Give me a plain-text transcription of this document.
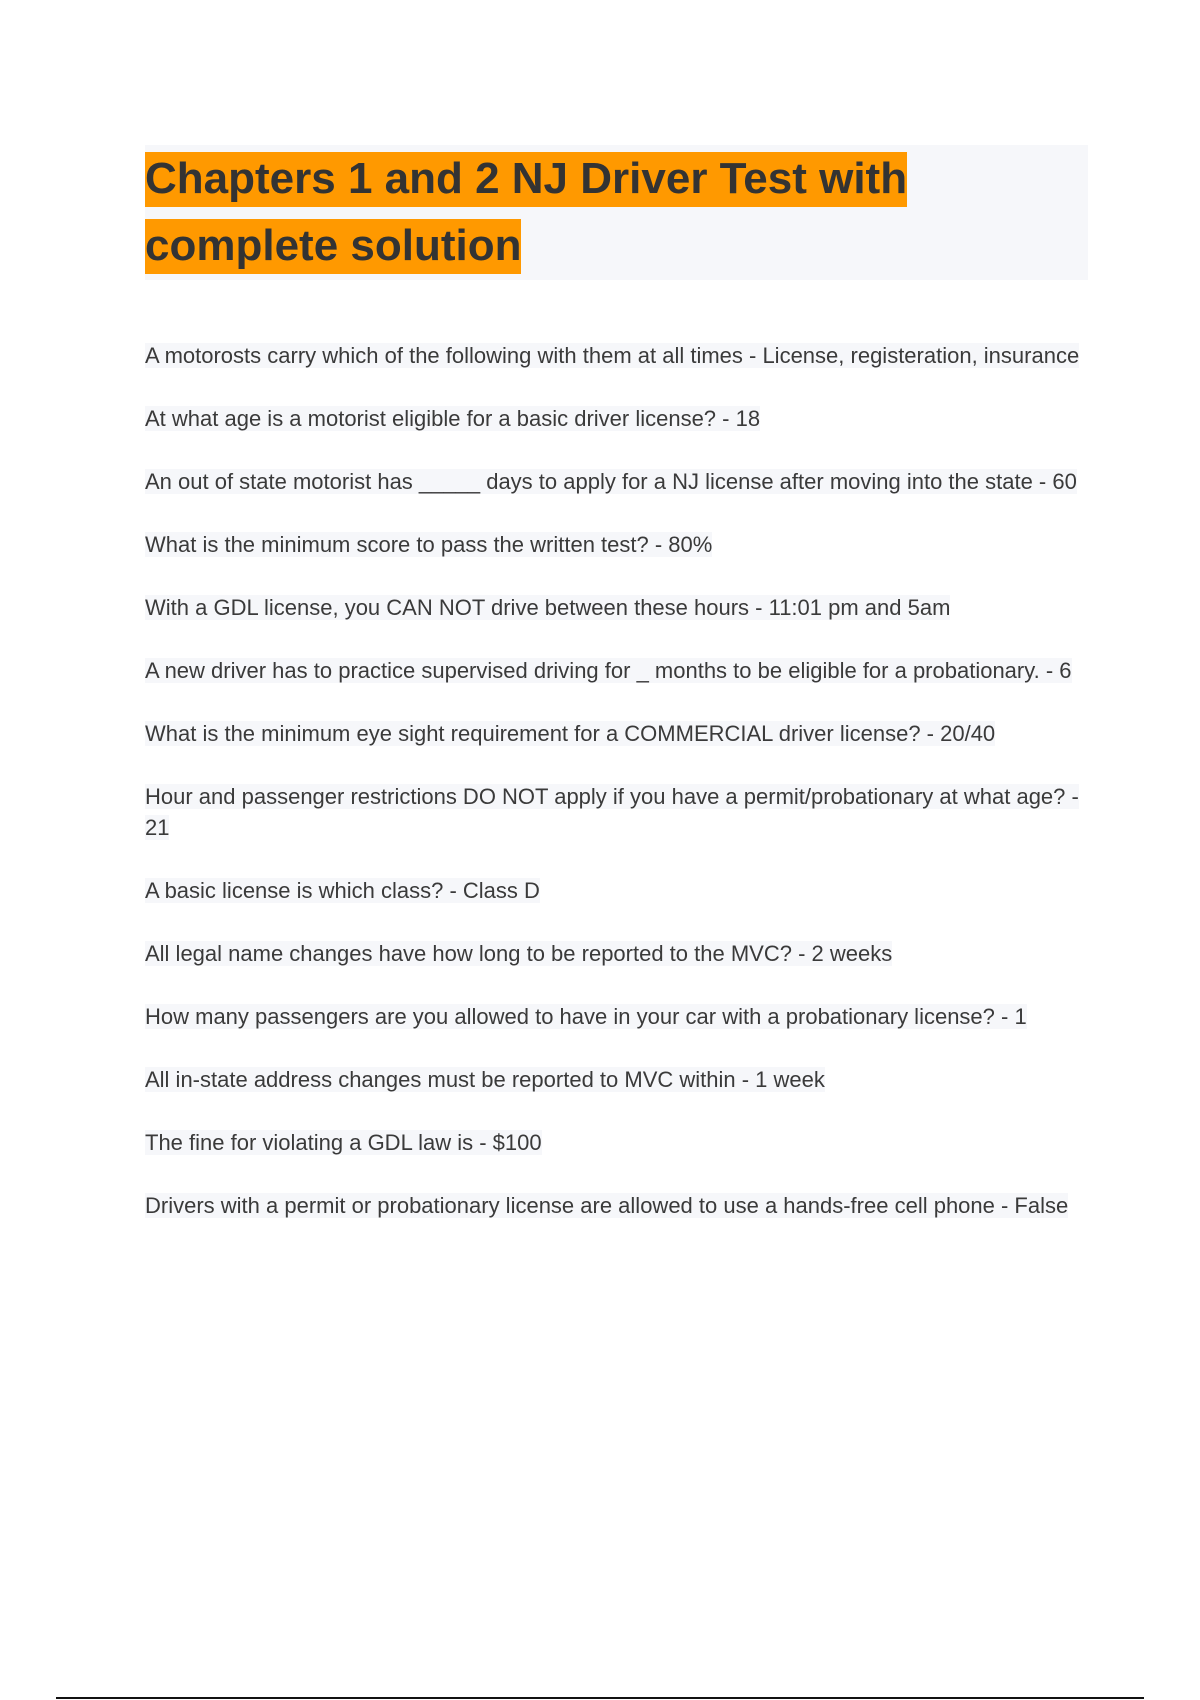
Chapters 1 and 2 NJ Driver Test with
complete solution
A motorosts carry which of the following with them at all times - License, registeration, insurance
At what age is a motorist eligible for a basic driver license? - 18
An out of state motorist has _____ days to apply for a NJ license after moving into the state - 60
What is the minimum score to pass the written test? - 80%
With a GDL license, you CAN NOT drive between these hours - 11:01 pm and 5am
A new driver has to practice supervised driving for _ months to be eligible for a probationary. - 6
What is the minimum eye sight requirement for a COMMERCIAL driver license? - 20/40
Hour and passenger restrictions DO NOT apply if you have a permit/probationary at what age? - 21
A basic license is which class? - Class D
All legal name changes have how long to be reported to the MVC? - 2 weeks
How many passengers are you allowed to have in your car with a probationary license? - 1
All in-state address changes must be reported to MVC within - 1 week
The fine for violating a GDL law is - $100
Drivers with a permit or probationary license are allowed to use a hands-free cell phone - False
